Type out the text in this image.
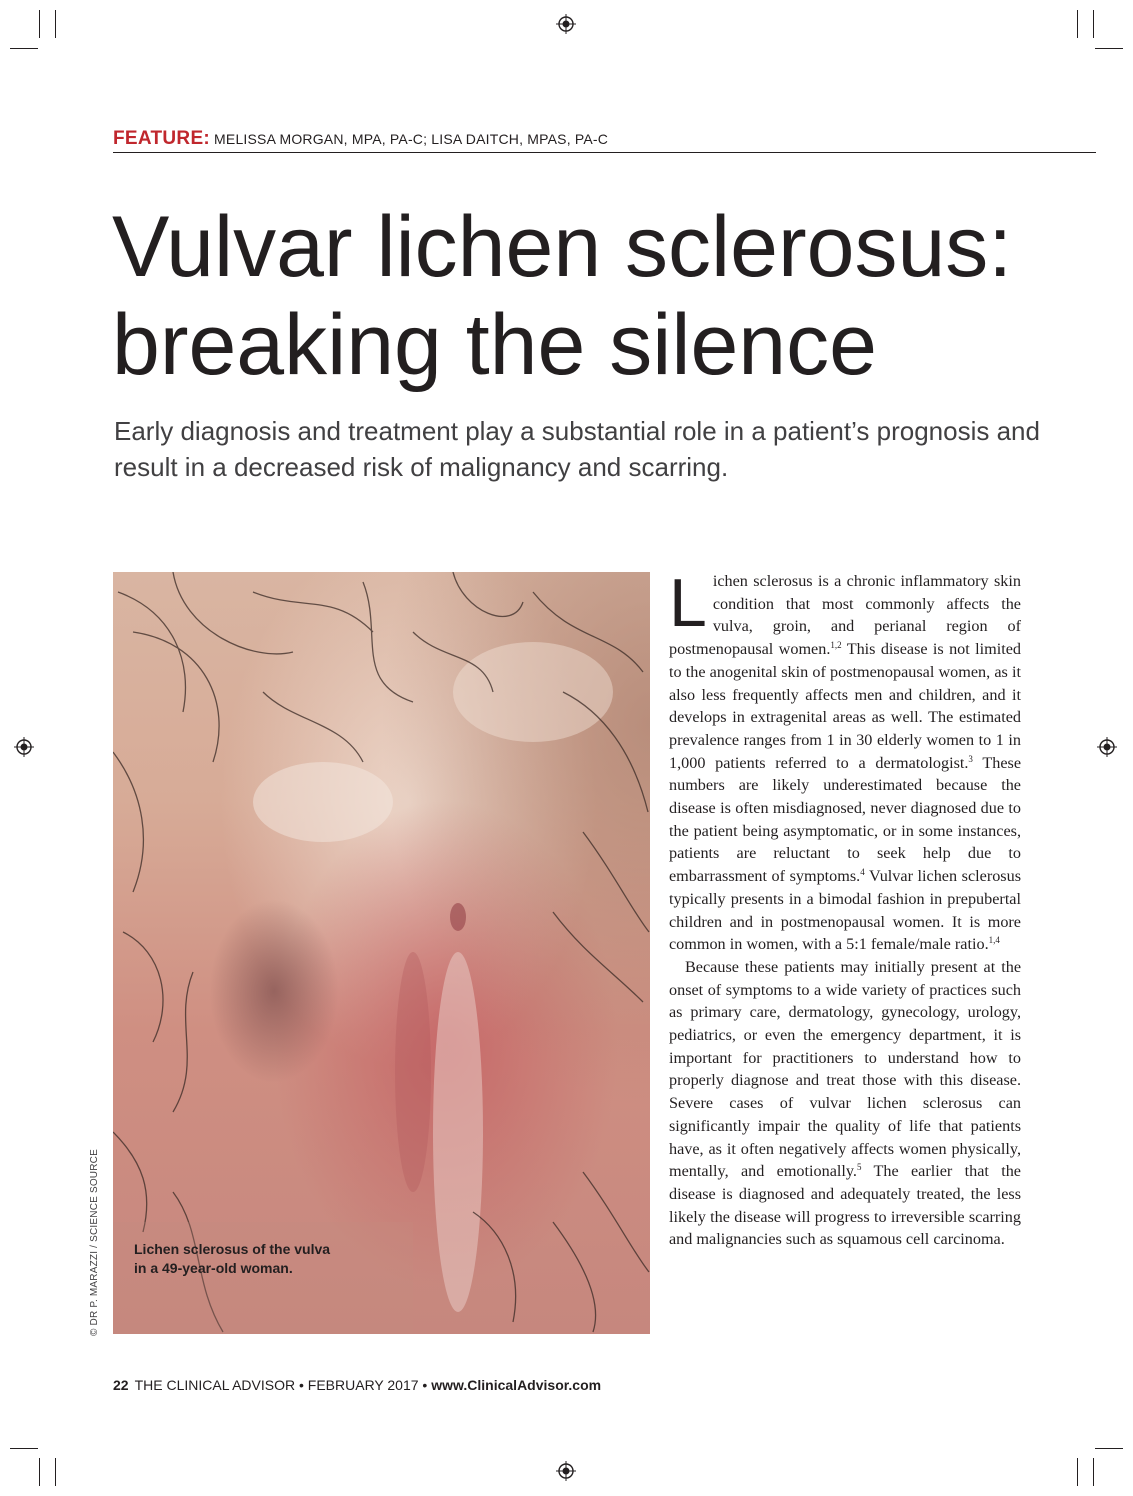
FEATURE: MELISSA MORGAN, MPA, PA-C; LISA DAITCH, MPAS, PA-C
Vulvar lichen sclerosus:
breaking the silence

Early diagnosis and treatment play a substantial role in a patient’s prognosis and result in a decreased risk of malignancy and scarring.

Lichen sclerosus of the vulva in a 49-year-old woman.
© DR P. MARAZZI / SCIENCE SOURCE

Lichen sclerosus is a chronic inflammatory skin condition that most commonly affects the vulva, groin, and perianal region of postmenopausal women.$^{1,2}$ This disease is not limited to the anogenital skin of postmenopausal women, as it also less frequently affects men and children, and it develops in extragenital areas as well. The estimated prevalence ranges from 1 in 30 elderly women to 1 in 1,000 patients referred to a dermatologist.$^3$ These numbers are likely underestimated because the disease is often misdiagnosed, never diagnosed due to the patient being asymptomatic, or in some instances, patients are reluctant to seek help due to embarrassment of symptoms.$^4$ Vulvar lichen sclerosus typically presents in a bimodal fashion in prepubertal children and in postmenopausal women. It is more common in women, with a 5:1 female/male ratio.$^{1,4}$

Because these patients may initially present at the onset of symptoms to a wide variety of practices such as primary care, dermatology, gynecology, urology, pediatrics, or even the emergency department, it is important for practitioners to understand how to properly diagnose and treat those with this disease. Severe cases of vulvar lichen sclerosus can significantly impair the quality of life that patients have, as it often negatively affects women physically, mentally, and emotionally.$^5$ The earlier that the disease is diagnosed and adequately treated, the less likely the disease will progress to irreversible scarring and malignancies such as squamous cell carcinoma.

22 THE CLINICAL ADVISOR • FEBRUARY 2017 • www.ClinicalAdvisor.com
